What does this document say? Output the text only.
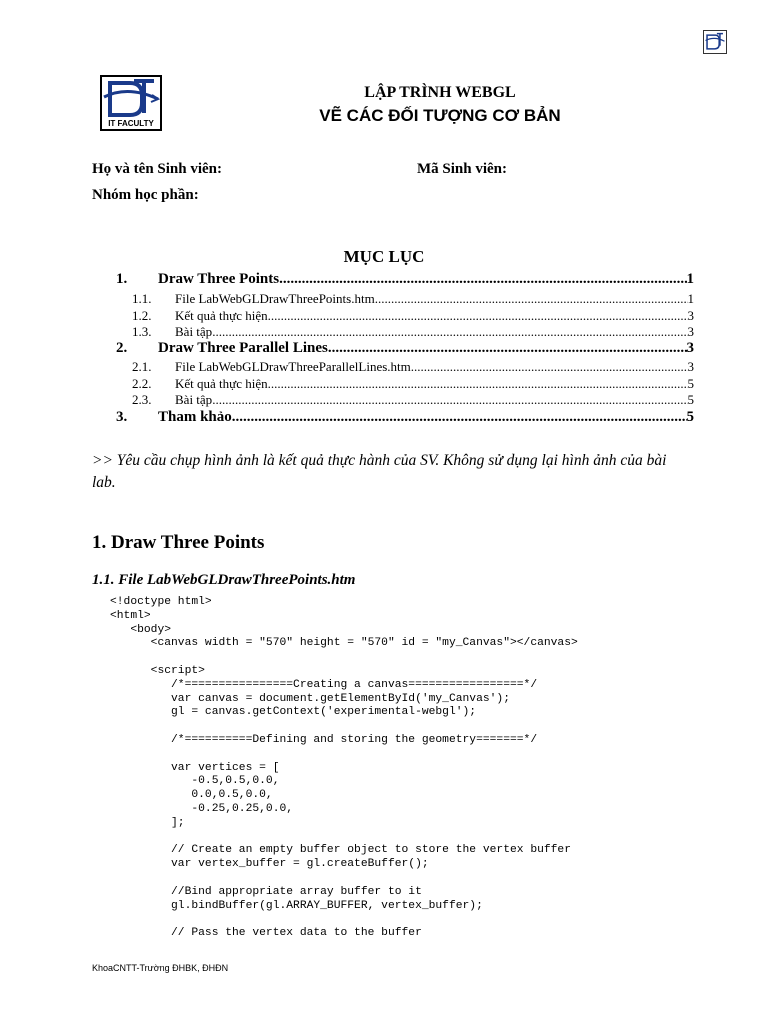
IT FACULTY
LẬP TRÌNH WEBGL
VẼ CÁC ĐỐI TƯỢNG CƠ BẢN
Họ và tên Sinh viên:	Mã Sinh viên:
Nhóm học phần:
MỤC LỤC
1. Draw Three Points .....	1
1.1. File LabWebGLDrawThreePoints.htm .....	1
1.2. Kết quả thực hiện .....	3
1.3. Bài tập .....	3
2. Draw Three Parallel Lines .....	3
2.1. File LabWebGLDrawThreeParallelLines.htm .....	3
2.2. Kết quả thực hiện .....	5
2.3. Bài tập .....	5
3. Tham khảo .....	5
>> Yêu cầu chụp hình ảnh là kết quả thực hành của SV. Không sử dụng lại hình ảnh của bài lab.
1. Draw Three Points
1.1. File LabWebGLDrawThreePoints.htm
<!doctype html>
<html>
<body>
<canvas width = "570" height = "570" id = "my_Canvas"></canvas>

<script>
/*================Creating a canvas=================*/
var canvas = document.getElementById('my_Canvas');
gl = canvas.getContext('experimental-webgl');

/*==========Defining and storing the geometry=======*/

var vertices = [
-0.5,0.5,0.0,
0.0,0.5,0.0,
-0.25,0.25,0.0,
];

// Create an empty buffer object to store the vertex buffer
var vertex_buffer = gl.createBuffer();

//Bind appropriate array buffer to it
gl.bindBuffer(gl.ARRAY_BUFFER, vertex_buffer);

// Pass the vertex data to the buffer
KhoaCNTT-Trường ĐHBK, ĐHĐN
